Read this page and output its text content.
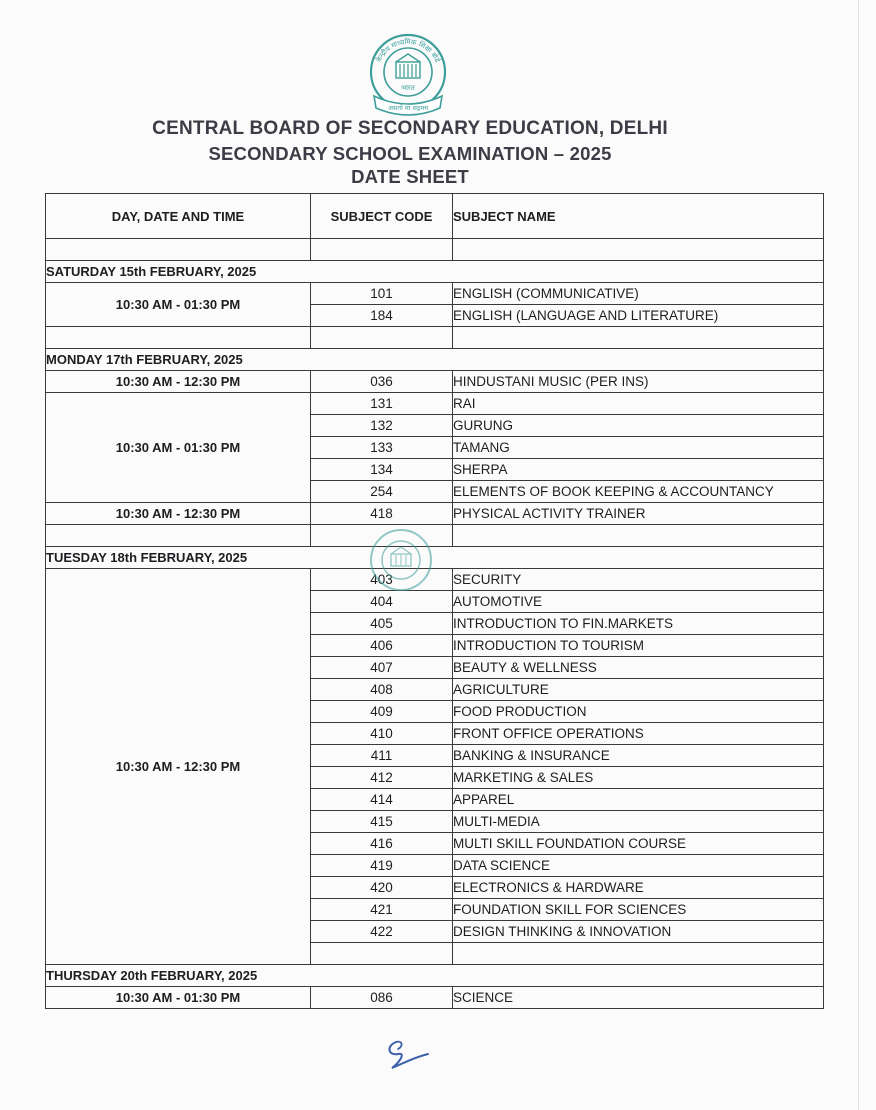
केन्द्रीय माध्यमिक शिक्षा बोर्ड
भारत
असतो मा सद्गमय
CENTRAL BOARD OF SECONDARY EDUCATION, DELHI
SECONDARY SCHOOL EXAMINATION – 2025
DATE SHEET
DAY, DATE AND TIME	SUBJECT CODE	SUBJECT NAME

SATURDAY 15th FEBRUARY, 2025		
10:30 AM - 01:30 PM	101	ENGLISH (COMMUNICATIVE)
	184	ENGLISH (LANGUAGE AND LITERATURE)

MONDAY 17th FEBRUARY, 2025		
10:30 AM - 12:30 PM	036	HINDUSTANI MUSIC (PER INS)
10:30 AM - 01:30 PM	131	RAI
	132	GURUNG
	133	TAMANG
	134	SHERPA
	254	ELEMENTS OF BOOK KEEPING & ACCOUNTANCY
10:30 AM - 12:30 PM	418	PHYSICAL ACTIVITY TRAINER

TUESDAY 18th FEBRUARY, 2025		
10:30 AM - 12:30 PM	403	SECURITY
	404	AUTOMOTIVE
	405	INTRODUCTION TO FIN.MARKETS
	406	INTRODUCTION TO TOURISM
	407	BEAUTY & WELLNESS
	408	AGRICULTURE
	409	FOOD PRODUCTION
	410	FRONT OFFICE OPERATIONS
	411	BANKING & INSURANCE
	412	MARKETING & SALES
	414	APPAREL
	415	MULTI-MEDIA
	416	MULTI SKILL FOUNDATION COURSE
	419	DATA SCIENCE
	420	ELECTRONICS & HARDWARE
	421	FOUNDATION SKILL FOR SCIENCES
	422	DESIGN THINKING & INNOVATION

THURSDAY 20th FEBRUARY, 2025		
10:30 AM - 01:30 PM	086	SCIENCE
